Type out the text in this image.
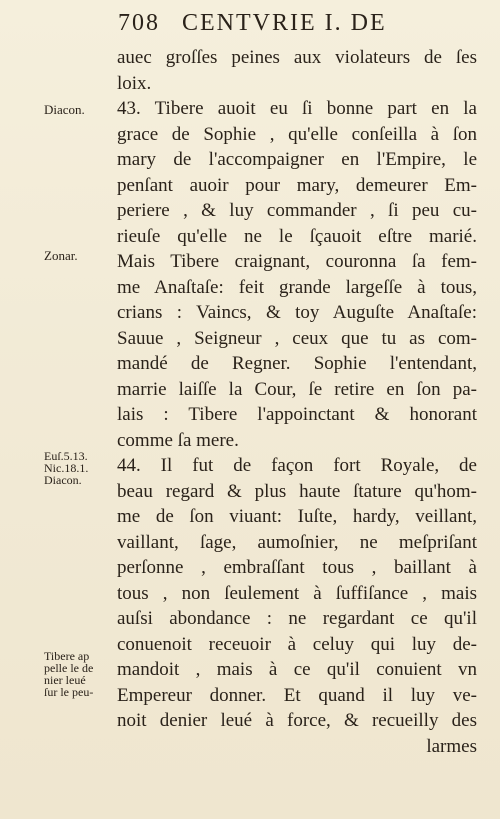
708 CENTVRIE I. DE
auec groſſes peines aux violateurs de ſes
loix.
43. Tibere auoit eu ſi bonne part en la
grace de Sophie , qu'elle conſeilla à ſon
mary de l'accompaigner en l'Empire, le
penſant auoir pour mary, demeurer Em-
periere , & luy commander , ſi peu cu-
rieuſe qu'elle ne le ſçauoit eſtre marié.
Mais Tibere craignant, couronna ſa fem-
me Anaſtaſe: feit grande largeſſe à tous,
crians : Vaincs, & toy Auguſte Anaſtaſe:
Sauue , Seigneur , ceux que tu as com-
mandé de Regner. Sophie l'entendant,
marrie laiſſe la Cour, ſe retire en ſon pa-
lais : Tibere l'appoinctant & honorant
comme ſa mere.
44. Il fut de façon fort Royale, de
beau regard & plus haute ſtature qu'hom-
me de ſon viuant: Iuſte, hardy, veillant,
vaillant, ſage, aumoſnier, ne meſpriſant
perſonne , embraſſant tous , baillant à
tous , non ſeulement à ſuffiſance , mais
auſsi abondance : ne regardant ce qu'il
conuenoit receuoir à celuy qui luy de-
mandoit , mais à ce qu'il conuient vn
Empereur donner. Et quand il luy ve-
noit denier leué à force, & recueilly des
larmes
Diacon.
Zonar.
Euſ.5.13.
Nic.18.1.
Diacon.
Tibere ap
pelle le de
nier leué
ſur le peu-
